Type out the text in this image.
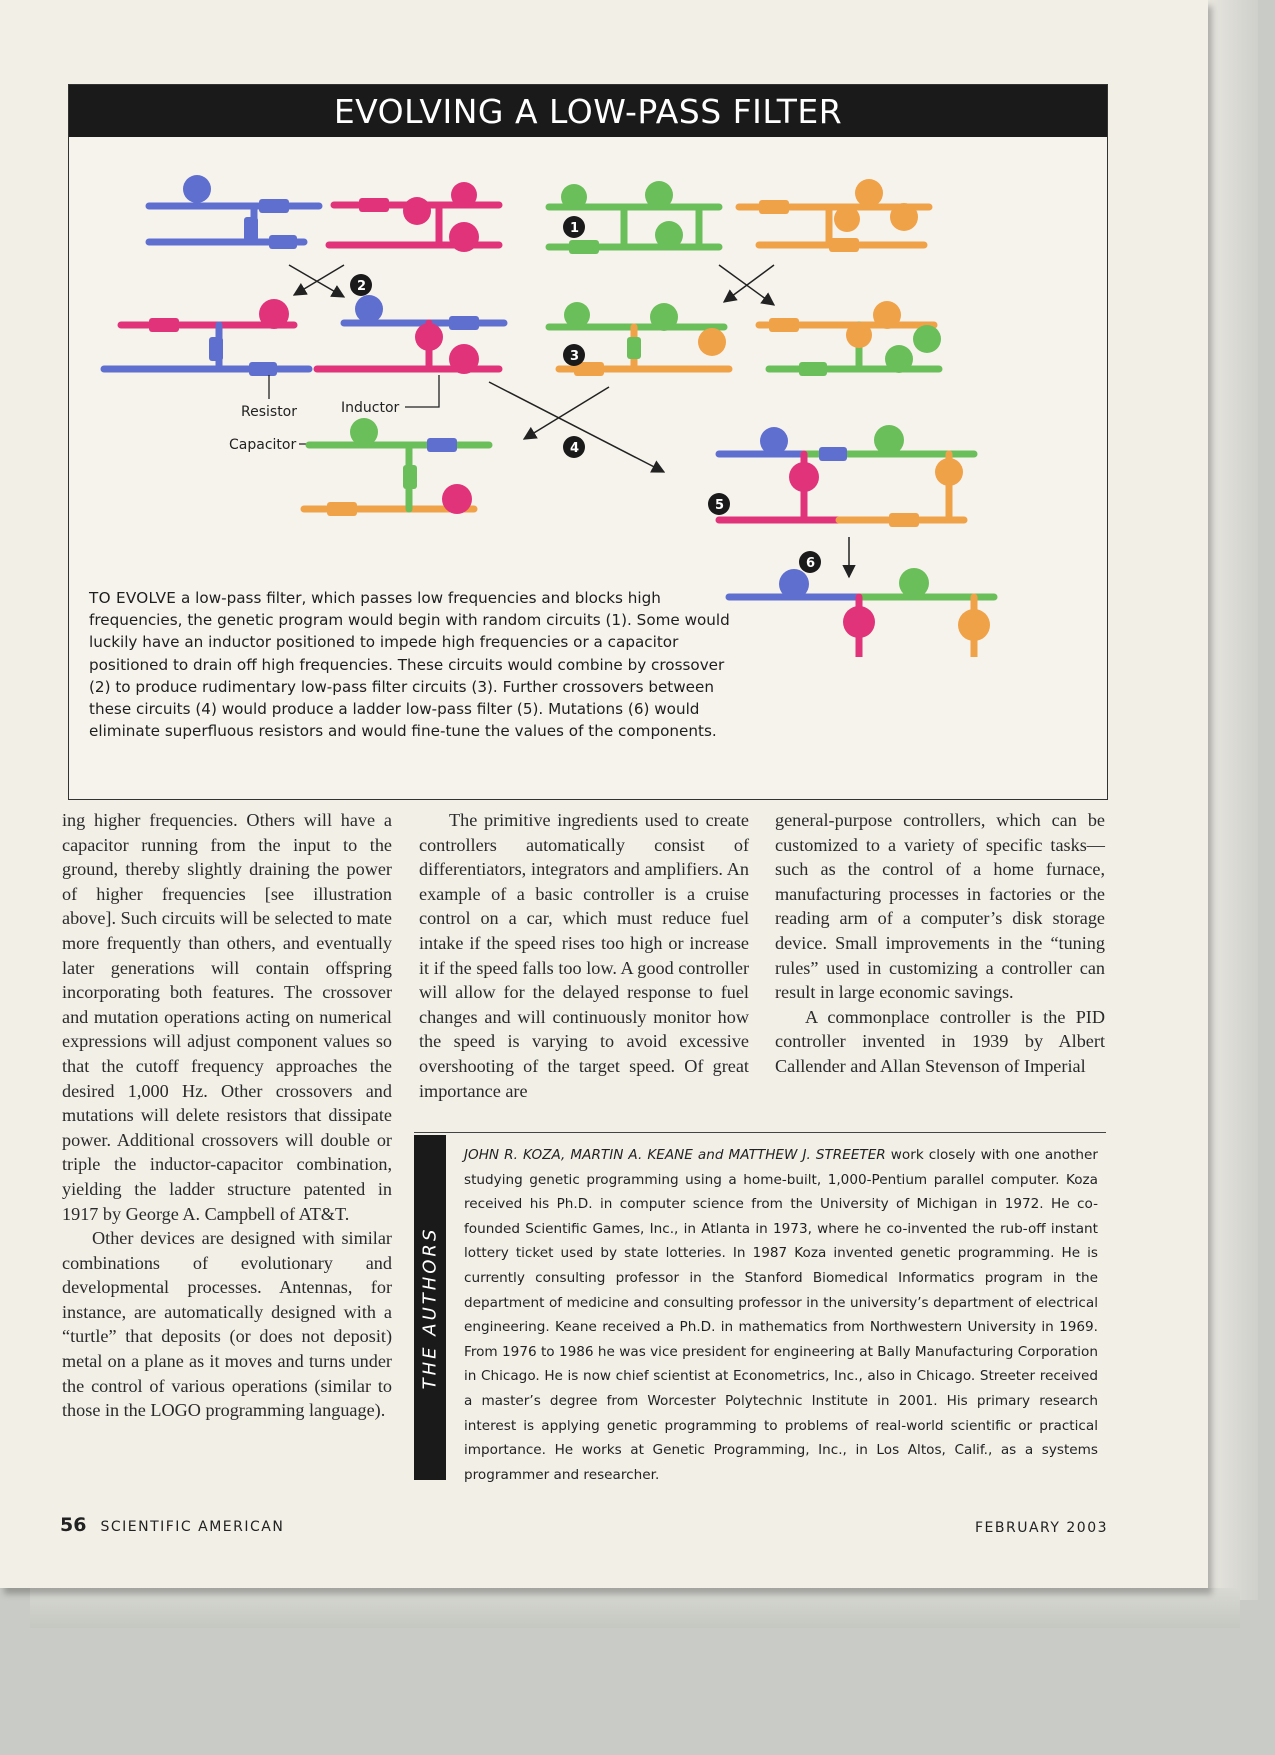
EVOLVING A LOW-PASS FILTER
Resistor	Inductor
Capacitor
1
2
3
4
5
6
TO EVOLVE a low-pass filter, which passes low frequencies and blocks high frequencies, the genetic program would begin with random circuits (1). Some would luckily have an inductor positioned to impede high frequencies or a capacitor positioned to drain off high frequencies. These circuits would combine by crossover (2) to produce rudimentary low-pass filter circuits (3). Further crossovers between these circuits (4) would produce a ladder low-pass filter (5). Mutations (6) would eliminate superfluous resistors and would fine-tune the values of the components.

ing higher frequencies. Others will have a capacitor running from the input to the ground, thereby slightly draining the power of higher frequencies [see illustration above]. Such circuits will be selected to mate more frequently than others, and eventually later generations will contain offspring incorporating both features. The crossover and mutation operations acting on numerical expressions will adjust component values so that the cutoff frequency approaches the desired 1,000 Hz. Other crossovers and mutations will delete resistors that dissipate power. Additional crossovers will double or triple the inductor-capacitor combination, yielding the ladder structure patented in 1917 by George A. Campbell of AT&T.

Other devices are designed with similar combinations of evolutionary and developmental processes. Antennas, for instance, are automatically designed with a “turtle” that deposits (or does not deposit) metal on a plane as it moves and turns under the control of various operations (similar to those in the LOGO programming language).

The primitive ingredients used to create controllers automatically consist of differentiators, integrators and amplifiers. An example of a basic controller is a cruise control on a car, which must reduce fuel intake if the speed rises too high or increase it if the speed falls too low. A good controller will allow for the delayed response to fuel changes and will continuously monitor how the speed is varying to avoid excessive overshooting of the target speed. Of great importance are

general-purpose controllers, which can be customized to a variety of specific tasks—such as the control of a home furnace, manufacturing processes in factories or the reading arm of a computer’s disk storage device. Small improvements in the “tuning rules” used in customizing a controller can result in large economic savings.

A commonplace controller is the PID controller invented in 1939 by Albert Callender and Allan Stevenson of Imperial

THE AUTHORS
JOHN R. KOZA, MARTIN A. KEANE and MATTHEW J. STREETER work closely with one another studying genetic programming using a home-built, 1,000-Pentium parallel computer. Koza received his Ph.D. in computer science from the University of Michigan in 1972. He co-founded Scientific Games, Inc., in Atlanta in 1973, where he co-invented the rub-off instant lottery ticket used by state lotteries. In 1987 Koza invented genetic programming. He is currently consulting professor in the Stanford Biomedical Informatics program in the department of medicine and consulting professor in the university’s department of electrical engineering. Keane received a Ph.D. in mathematics from Northwestern University in 1969. From 1976 to 1986 he was vice president for engineering at Bally Manufacturing Corporation in Chicago. He is now chief scientist at Econometrics, Inc., also in Chicago. Streeter received a master’s degree from Worcester Polytechnic Institute in 2001. His primary research interest is applying genetic programming to problems of real-world scientific or practical importance. He works at Genetic Programming, Inc., in Los Altos, Calif., as a systems programmer and researcher.
56 SCIENTIFIC AMERICAN	FEBRUARY 2003
